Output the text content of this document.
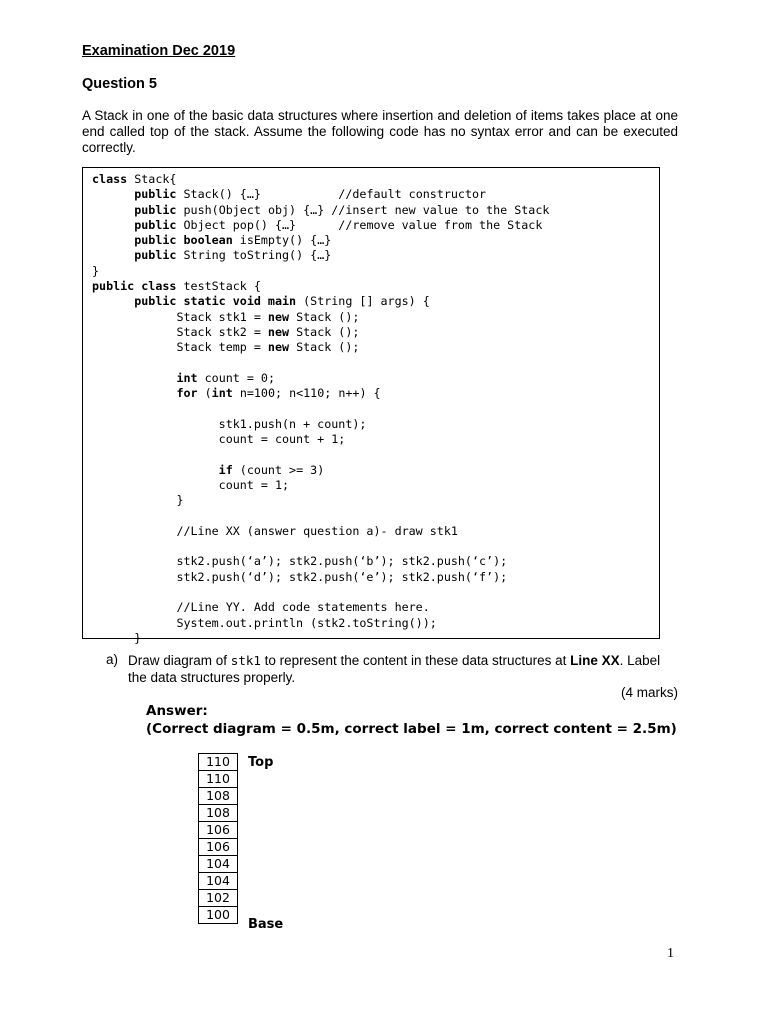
Examination Dec 2019
Question 5
A Stack in one of the basic data structures where insertion and deletion of items takes place at one end called top of the stack. Assume the following code has no syntax error and can be executed correctly.
class Stack{
public Stack() {…}           //default constructor
public push(Object obj) {…} //insert new value to the Stack
public Object pop() {…}      //remove value from the Stack
public boolean isEmpty() {…}
public String toString() {…}
}
public class testStack {
public static void main (String [] args) {
Stack stk1 = new Stack ();
Stack stk2 = new Stack ();
Stack temp = new Stack ();
int count = 0;
for (int n=100; n<110; n++) {
stk1.push(n + count);
count = count + 1;
if (count >= 3)
count = 1;
}
//Line XX (answer question a)- draw stk1
stk2.push(‘a’); stk2.push(‘b’); stk2.push(‘c’);
stk2.push(‘d’); stk2.push(‘e’); stk2.push(‘f’);
//Line YY. Add code statements here.
System.out.println (stk2.toString());
}
a) Draw diagram of stk1 to represent the content in these data structures at Line XX. Label the data structures properly.
(4 marks)
Answer:
(Correct diagram = 0.5m, correct label = 1m, correct content = 2.5m)
110
110
108
108
106
106
104
104
102
100
Top
Base
1
